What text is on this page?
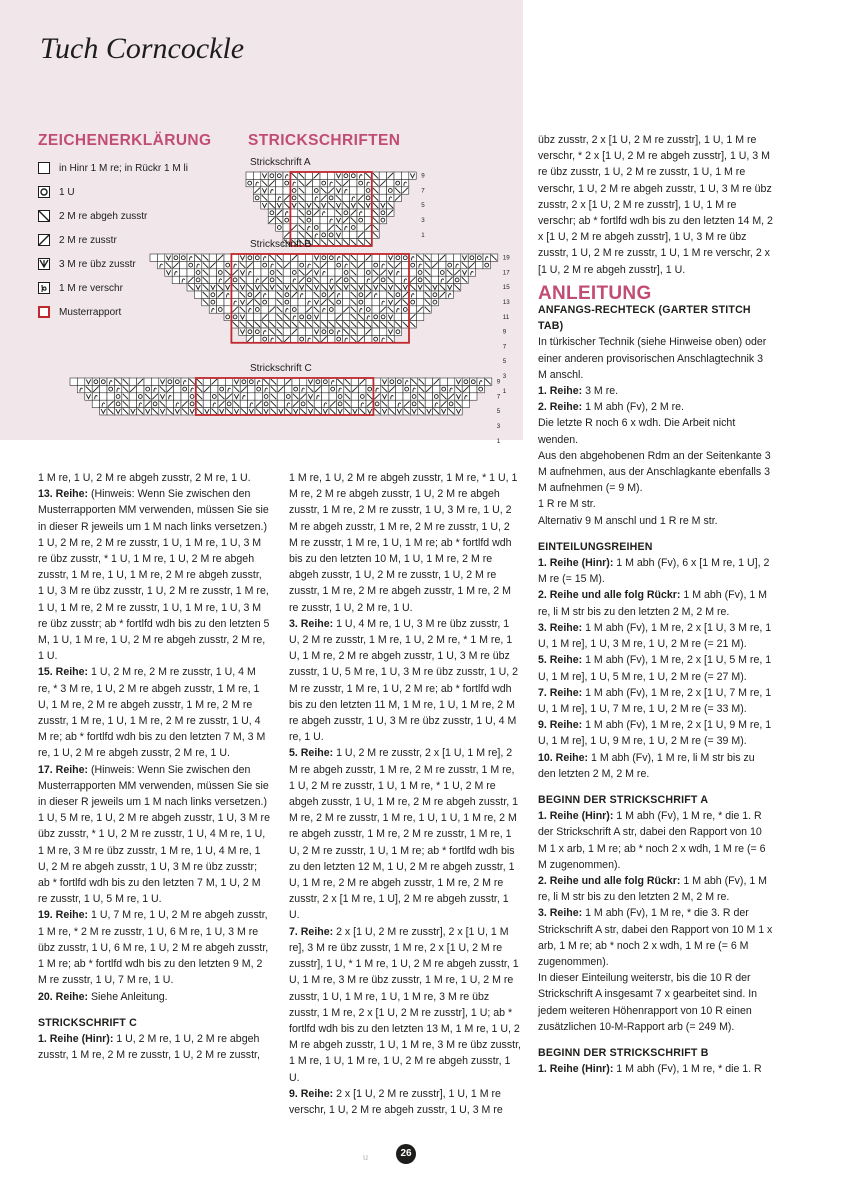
Tuch Corncockle
ZEICHENERKLÄRUNG
in Hinr 1 M re; in Rückr 1 M li
1 U
2 M re abgeh zusstr
2 M re zusstr
3 M re übz zusstr
1 M re verschr
Musterrapport
STRICKSCHRIFTEN
Strickschrift A
9
7
5
3
1
Strickschrift B
19
17
15
13
11
9
7
5
3
1
Strickschrift C
9
7
5
3
1

1 M re, 1 U, 2 M re abgeh zusstr, 2 M re, 1 U.

13. Reihe: (Hinweis: Wenn Sie zwischen den Musterrapporten MM verwenden, müssen Sie sie in dieser R jeweils um 1 M nach links versetzen.) 1 U, 2 M re, 2 M re zusstr, 1 U, 1 M re, 1 U, 3 M re übz zusstr, * 1 U, 1 M re, 1 U, 2 M re abgeh zusstr, 1 M re, 1 U, 1 M re, 2 M re abgeh zusstr, 1 U, 3 M re übz zusstr, 1 U, 2 M re zusstr, 1 M re, 1 U, 1 M re, 2 M re zusstr, 1 U, 1 M re, 1 U, 3 M re übz zusstr; ab * fortlfd wdh bis zu den letzten 5 M, 1 U, 1 M re, 1 U, 2 M re abgeh zusstr, 2 M re, 1 U.

15. Reihe: 1 U, 2 M re, 2 M re zusstr, 1 U, 4 M re, * 3 M re, 1 U, 2 M re abgeh zusstr, 1 M re, 1 U, 1 M re, 2 M re abgeh zusstr, 1 M re, 2 M re zusstr, 1 M re, 1 U, 1 M re, 2 M re zusstr, 1 U, 4 M re; ab * fortlfd wdh bis zu den letzten 7 M, 3 M re, 1 U, 2 M re abgeh zusstr, 2 M re, 1 U.

17. Reihe: (Hinweis: Wenn Sie zwischen den Musterrapporten MM verwenden, müssen Sie sie in dieser R jeweils um 1 M nach links versetzen.) 1 U, 5 M re, 1 U, 2 M re abgeh zusstr, 1 U, 3 M re übz zusstr, * 1 U, 2 M re zusstr, 1 U, 4 M re, 1 U, 1 M re, 3 M re übz zusstr, 1 M re, 1 U, 4 M re, 1 U, 2 M re abgeh zusstr, 1 U, 3 M re übz zusstr; ab * fortlfd wdh bis zu den letzten 7 M, 1 U, 2 M re zusstr, 1 U, 5 M re, 1 U.

19. Reihe: 1 U, 7 M re, 1 U, 2 M re abgeh zusstr, 1 M re, * 2 M re zusstr, 1 U, 6 M re, 1 U, 3 M re übz zusstr, 1 U, 6 M re, 1 U, 2 M re abgeh zusstr, 1 M re; ab * fortlfd wdh bis zu den letzten 9 M, 2 M re zusstr, 1 U, 7 M re, 1 U.

20. Reihe: Siehe Anleitung.

STRICKSCHRIFT C

1. Reihe (Hinr): 1 U, 2 M re, 1 U, 2 M re abgeh zusstr, 1 M re, 2 M re zusstr, 1 U, 2 M re zusstr,

1 M re, 1 U, 2 M re abgeh zusstr, 1 M re, * 1 U, 1 M re, 2 M re abgeh zusstr, 1 U, 2 M re abgeh zusstr, 1 M re, 2 M re zusstr, 1 U, 3 M re, 1 U, 2 M re abgeh zusstr, 1 M re, 2 M re zusstr, 1 U, 2 M re zusstr, 1 M re, 1 U, 1 M re; ab * fortlfd wdh bis zu den letzten 10 M, 1 U, 1 M re, 2 M re abgeh zusstr, 1 U, 2 M re zusstr, 1 U, 2 M re zusstr, 1 M re, 2 M re abgeh zusstr, 1 M re, 2 M re zusstr, 1 U, 2 M re, 1 U.

3. Reihe: 1 U, 4 M re, 1 U, 3 M re übz zusstr, 1 U, 2 M re zusstr, 1 M re, 1 U, 2 M re, * 1 M re, 1 U, 1 M re, 2 M re abgeh zusstr, 1 U, 3 M re übz zusstr, 1 U, 5 M re, 1 U, 3 M re übz zusstr, 1 U, 2 M re zusstr, 1 M re, 1 U, 2 M re; ab * fortlfd wdh bis zu den letzten 11 M, 1 M re, 1 U, 1 M re, 2 M re abgeh zusstr, 1 U, 3 M re übz zusstr, 1 U, 4 M re, 1 U.

5. Reihe: 1 U, 2 M re zusstr, 2 x [1 U, 1 M re], 2 M re abgeh zusstr, 1 M re, 2 M re zusstr, 1 M re, 1 U, 2 M re zusstr, 1 U, 1 M re, * 1 U, 2 M re abgeh zusstr, 1 U, 1 M re, 2 M re abgeh zusstr, 1 M re, 2 M re zusstr, 1 M re, 1 U, 1 U, 1 M re, 2 M re abgeh zusstr, 1 M re, 2 M re zusstr, 1 M re, 1 U, 2 M re zusstr, 1 U, 1 M re; ab * fortlfd wdh bis zu den letzten 12 M, 1 U, 2 M re abgeh zusstr, 1 U, 1 M re, 2 M re abgeh zusstr, 1 M re, 2 M re zusstr, 2 x [1 M re, 1 U], 2 M re abgeh zusstr, 1 U.

7. Reihe: 2 x [1 U, 2 M re zusstr], 2 x [1 U, 1 M re], 3 M re übz zusstr, 1 M re, 2 x [1 U, 2 M re zusstr], 1 U, * 1 M re, 1 U, 2 M re abgeh zusstr, 1 U, 1 M re, 3 M re übz zusstr, 1 M re, 1 U, 2 M re zusstr, 1 U, 1 M re, 1 U, 1 M re, 3 M re übz zusstr, 1 M re, 2 x [1 U, 2 M re zusstr], 1 U; ab * fortlfd wdh bis zu den letzten 13 M, 1 M re, 1 U, 2 M re abgeh zusstr, 1 U, 1 M re, 3 M re übz zusstr, 1 M re, 1 U, 1 M re, 1 U, 2 M re abgeh zusstr, 1 U.

9. Reihe: 2 x [1 U, 2 M re zusstr], 1 U, 1 M re verschr, 1 U, 2 M re abgeh zusstr, 1 U, 3 M re

übz zusstr, 2 x [1 U, 2 M re zusstr], 1 U, 1 M re verschr, * 2 x [1 U, 2 M re abgeh zusstr], 1 U, 3 M re übz zusstr, 1 U, 2 M re zusstr, 1 U, 1 M re verschr, 1 U, 2 M re abgeh zusstr, 1 U, 3 M re übz zusstr, 2 x [1 U, 2 M re zusstr], 1 U, 1 M re verschr; ab * fortlfd wdh bis zu den letzten 14 M, 2 x [1 U, 2 M re abgeh zusstr], 1 U, 3 M re übz zusstr, 1 U, 2 M re zusstr, 1 U, 1 M re verschr, 2 x [1 U, 2 M re abgeh zusstr], 1 U.

ANLEITUNG
ANFANGS-RECHTECK (GARTER STITCH TAB)

In türkischer Technik (siehe Hinweise oben) oder einer anderen provisorischen Anschlagtechnik 3 M anschl.

1. Reihe: 3 M re.

2. Reihe: 1 M abh (Fv), 2 M re.

Die letzte R noch 6 x wdh. Die Arbeit nicht wenden.

Aus den abgehobenen Rdm an der Seitenkante 3 M aufnehmen, aus der Anschlagkante ebenfalls 3 M aufnehmen (= 9 M).

1 R re M str.

Alternativ 9 M anschl und 1 R re M str.

EINTEILUNGSREIHEN

1. Reihe (Hinr): 1 M abh (Fv), 6 x [1 M re, 1 U], 2 M re (= 15 M).

2. Reihe und alle folg Rückr: 1 M abh (Fv), 1 M re, li M str bis zu den letzten 2 M, 2 M re.

3. Reihe: 1 M abh (Fv), 1 M re, 2 x [1 U, 3 M re, 1 U, 1 M re], 1 U, 3 M re, 1 U, 2 M re (= 21 M).

5. Reihe: 1 M abh (Fv), 1 M re, 2 x [1 U, 5 M re, 1 U, 1 M re], 1 U, 5 M re, 1 U, 2 M re (= 27 M).

7. Reihe: 1 M abh (Fv), 1 M re, 2 x [1 U, 7 M re, 1 U, 1 M re], 1 U, 7 M re, 1 U, 2 M re (= 33 M).

9. Reihe: 1 M abh (Fv), 1 M re, 2 x [1 U, 9 M re, 1 U, 1 M re], 1 U, 9 M re, 1 U, 2 M re (= 39 M).

10. Reihe: 1 M abh (Fv), 1 M re, li M str bis zu den letzten 2 M, 2 M re.

BEGINN DER STRICKSCHRIFT A

1. Reihe (Hinr): 1 M abh (Fv), 1 M re, * die 1. R der Strickschrift A str, dabei den Rapport von 10 M 1 x arb, 1 M re; ab * noch 2 x wdh, 1 M re (= 6 M zugenommen).

2. Reihe und alle folg Rückr: 1 M abh (Fv), 1 M re, li M str bis zu den letzten 2 M, 2 M re.

3. Reihe: 1 M abh (Fv), 1 M re, * die 3. R der Strickschrift A str, dabei den Rapport von 10 M 1 x arb, 1 M re; ab * noch 2 x wdh, 1 M re (= 6 M zugenommen).

In dieser Einteilung weiterstr, bis die 10 R der Strickschrift A insgesamt 7 x gearbeitet sind. In jedem weiteren Höhenrapport von 10 R einen zusätzlichen 10-M-Rapport arb (= 249 M).

BEGINN DER STRICKSCHRIFT B

1. Reihe (Hinr): 1 M abh (Fv), 1 M re, * die 1. R

u	26
